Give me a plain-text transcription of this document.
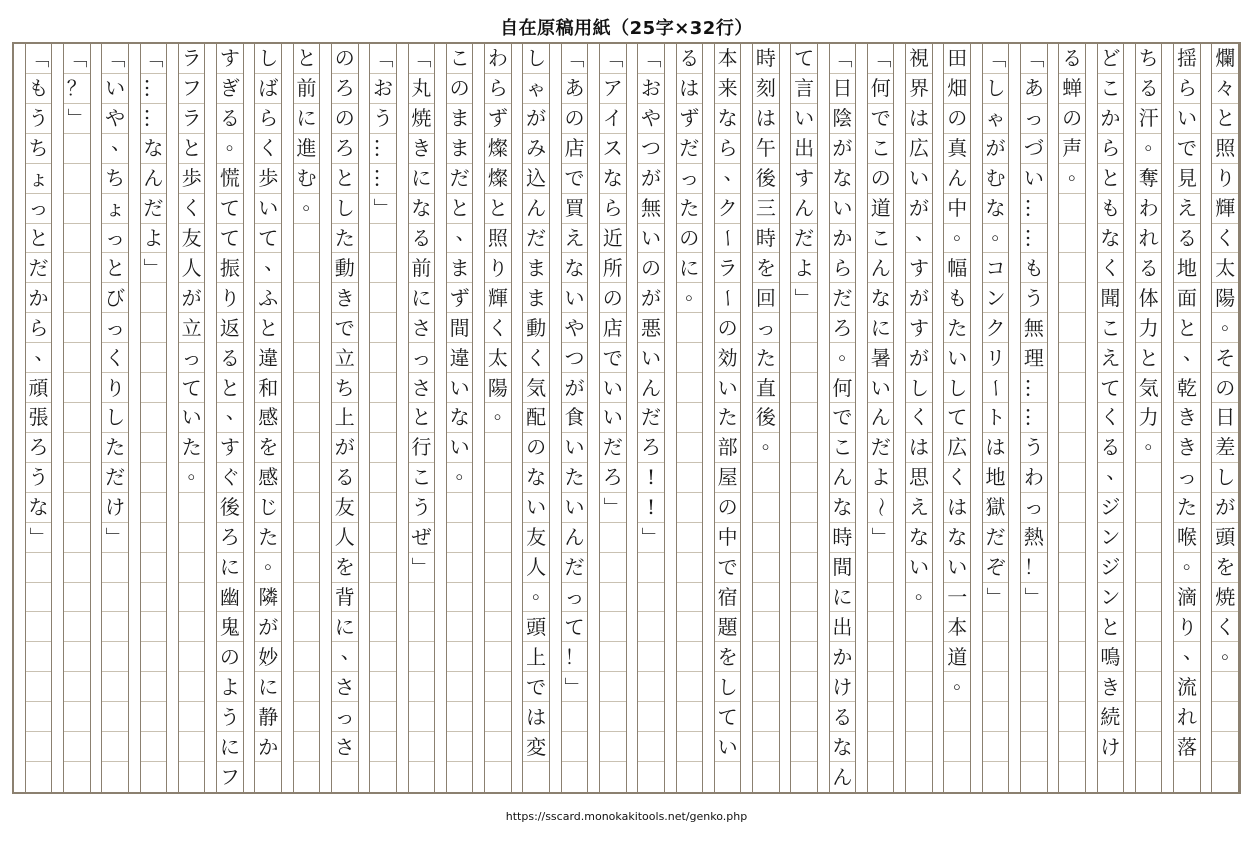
自在原稿用紙（25字×32行）
爛
々
と
照
り
輝
く
太
陽
。
そ
の
日
差
し
が
頭
を
焼
く
。
揺
ら
い
で
見
え
る
地
面
と
、
乾
き
き
っ
た
喉
。
滴
り
、
流
れ
落
ち
る
汗
。
奪
わ
れ
る
体
力
と
気
力
。
ど
こ
か
ら
と
も
な
く
聞
こ
え
て
く
る
、
ジ
ン
ジ
ン
と
鳴
き
続
け
る
蝉
の
声
。
「
あ
っ
づ
い
…
…
も
う
無
理
…
…
う
わ
っ
熱
！
」
「
し
ゃ
が
む
な
。
コ
ン
ク
リ
ー
ト
は
地
獄
だ
ぞ
」
田
畑
の
真
ん
中
。
幅
も
た
い
し
て
広
く
は
な
い
一
本
道
。
視
界
は
広
い
が
、
す
が
す
が
し
く
は
思
え
な
い
。
「
何
で
こ
の
道
こ
ん
な
に
暑
い
ん
だ
よ
〜
」
「
日
陰
が
な
い
か
ら
だ
ろ
。
何
で
こ
ん
な
時
間
に
出
か
け
る
な
ん
て
言
い
出
す
ん
だ
よ
」
時
刻
は
午
後
三
時
を
回
っ
た
直
後
。
本
来
な
ら
、
ク
ー
ラ
ー
の
効
い
た
部
屋
の
中
で
宿
題
を
し
て
い
る
は
ず
だ
っ
た
の
に
。
「
お
や
つ
が
無
い
の
が
悪
い
ん
だ
ろ
!
!
」
「
ア
イ
ス
な
ら
近
所
の
店
で
い
い
だ
ろ
」
「
あ
の
店
で
買
え
な
い
や
つ
が
食
い
た
い
ん
だ
っ
て
！
」
し
ゃ
が
み
込
ん
だ
ま
ま
動
く
気
配
の
な
い
友
人
。
頭
上
で
は
変
わ
ら
ず
燦
燦
と
照
り
輝
く
太
陽
。
こ
の
ま
ま
だ
と
、
ま
ず
間
違
い
な
い
。
「
丸
焼
き
に
な
る
前
に
さ
っ
さ
と
行
こ
う
ぜ
」
「
お
う
…
…
」
の
ろ
の
ろ
と
し
た
動
き
で
立
ち
上
が
る
友
人
を
背
に
、
さ
っ
さ
と
前
に
進
む
。
し
ば
ら
く
歩
い
て
、
ふ
と
違
和
感
を
感
じ
た
。
隣
が
妙
に
静
か
す
ぎ
る
。
慌
て
て
振
り
返
る
と
、
す
ぐ
後
ろ
に
幽
鬼
の
よ
う
に
フ
ラ
フ
ラ
と
歩
く
友
人
が
立
っ
て
い
た
。
「
…
…
な
ん
だ
よ
」
「
い
や
、
ち
ょ
っ
と
び
っ
く
り
し
た
だ
け
」
「
？
」
「
も
う
ち
ょ
っ
と
だ
か
ら
、
頑
張
ろ
う
な
」
https://sscard.monokakitools.net/genko.php
